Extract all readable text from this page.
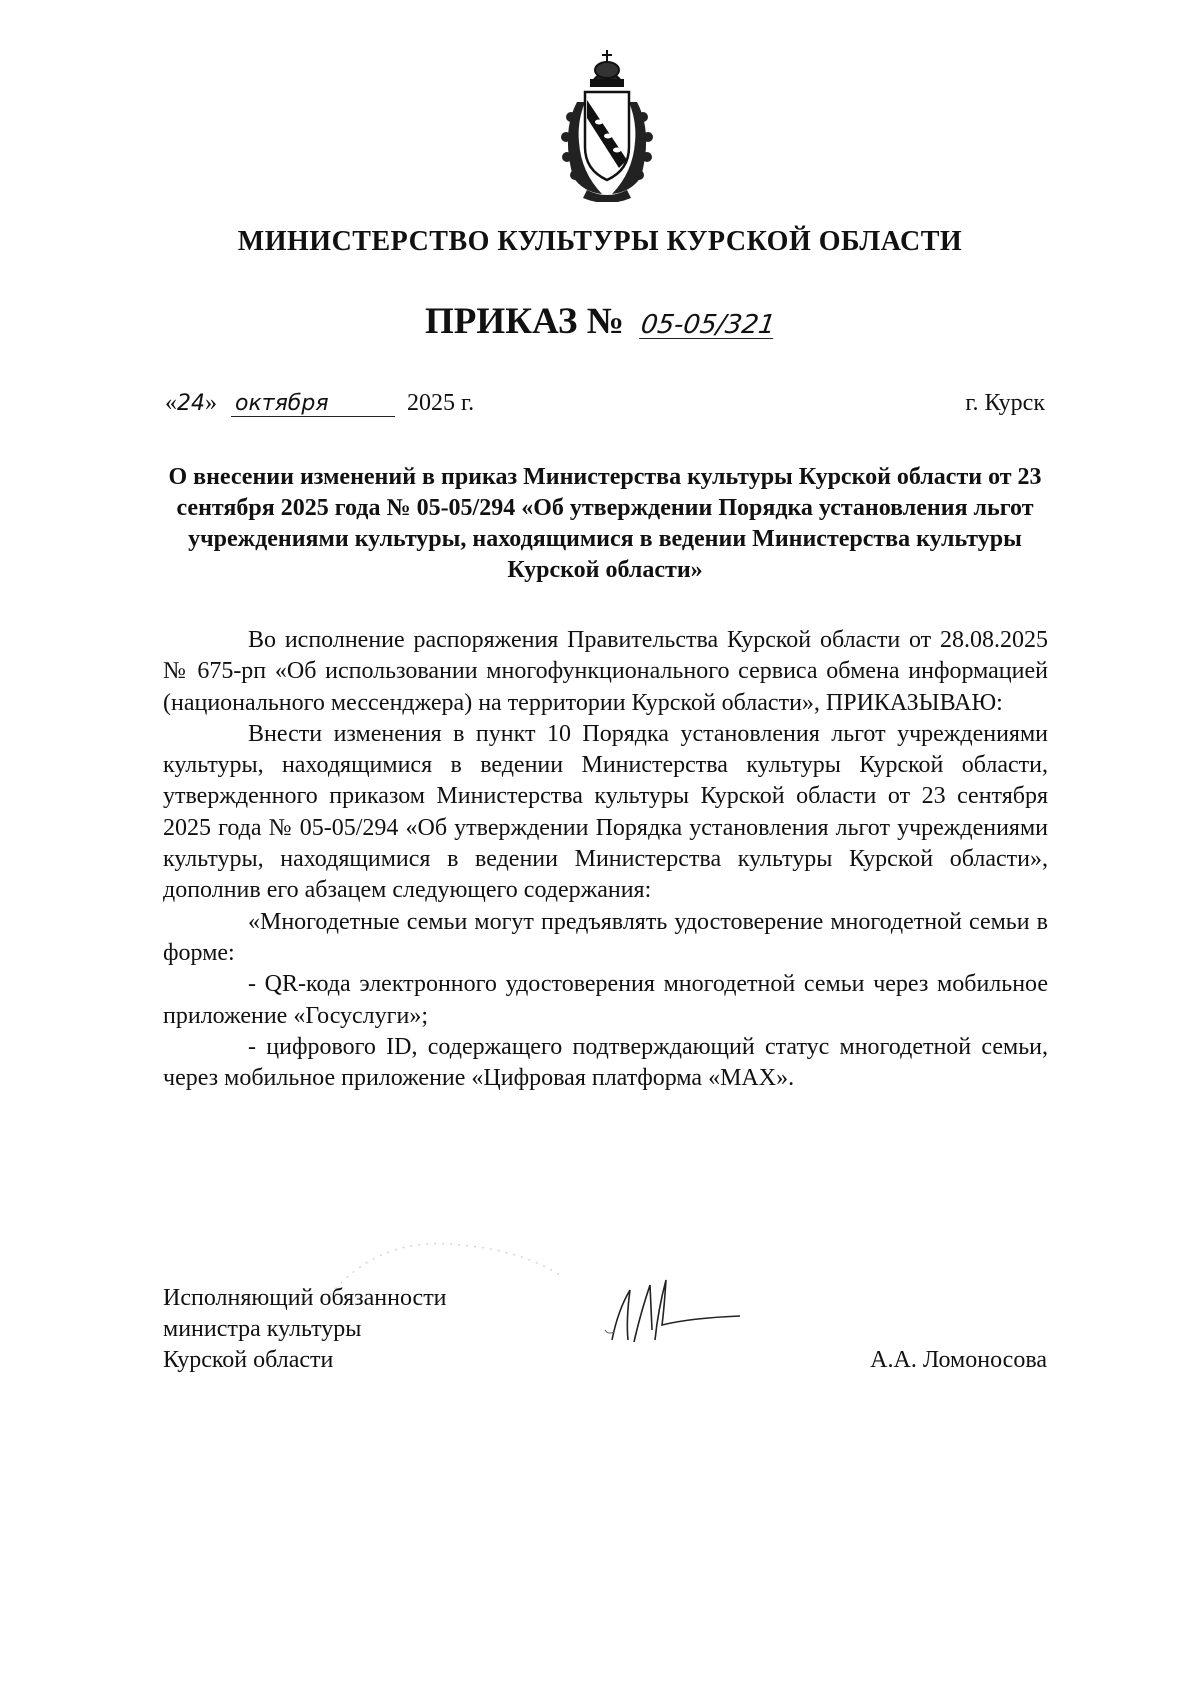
МИНИСТЕРСТВО КУЛЬТУРЫ КУРСКОЙ ОБЛАСТИ
ПРИКАЗ № 05-05/321
«24» октября	2025 г.	г. Курск
О внесении изменений в приказ Министерства культуры Курской области от 23 сентября 2025 года № 05-05/294 «Об утверждении Порядка установления льгот учреждениями культуры, находящимися в ведении Министерства культуры Курской области»

Во исполнение распоряжения Правительства Курской области от 28.08.2025 № 675-рп «Об использовании многофункционального сервиса обмена информацией (национального мессенджера) на территории Курской области», ПРИКАЗЫВАЮ:

Внести изменения в пункт 10 Порядка установления льгот учреждениями культуры, находящимися в ведении Министерства культуры Курской области, утвержденного приказом Министерства культуры Курской области от 23 сентября 2025 года № 05-05/294 «Об утверждении Порядка установления льгот учреждениями культуры, находящимися в ведении Министерства культуры Курской области», дополнив его абзацем следующего содержания:

«Многодетные семьи могут предъявлять удостоверение многодетной семьи в форме:

- QR-кода электронного удостоверения многодетной семьи через мобильное приложение «Госуслуги»;

- цифрового ID, содержащего подтверждающий статус многодетной семьи, через мобильное приложение «Цифровая платформа «MAX».

Исполняющий обязанности
министра культуры
Курской области	А.А. Ломоносова
